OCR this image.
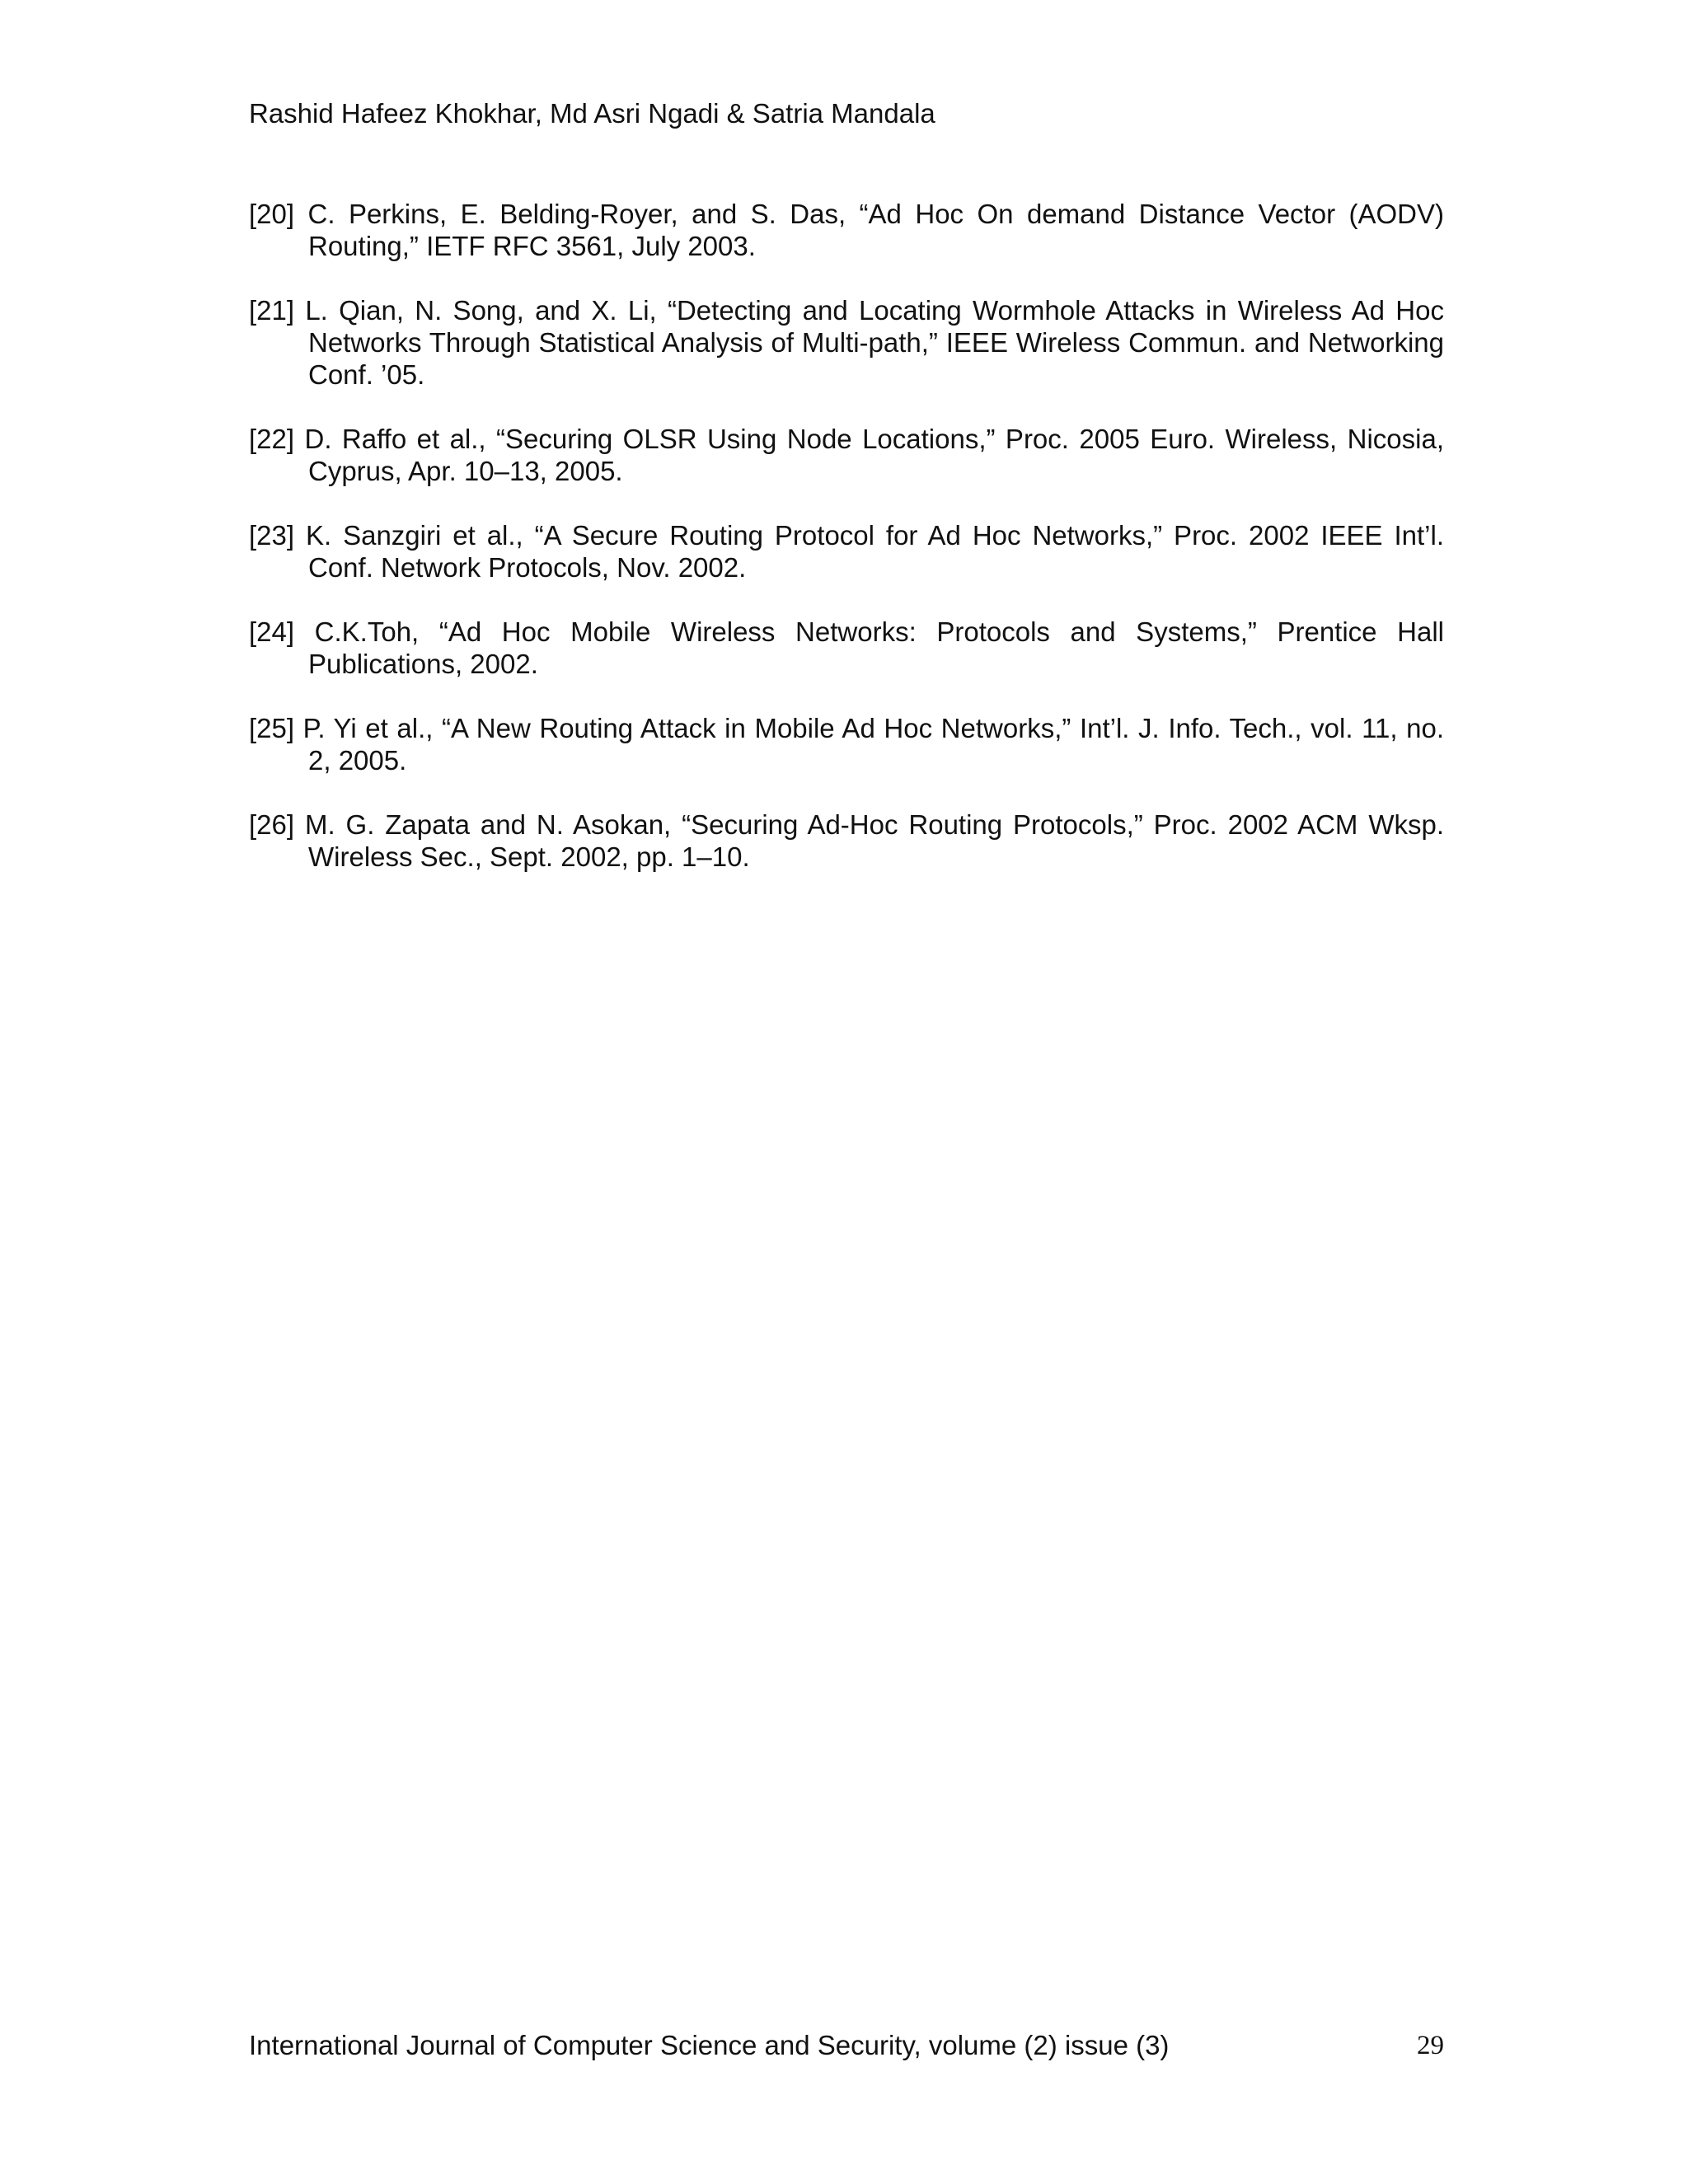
Rashid Hafeez Khokhar, Md Asri Ngadi & Satria Mandala

[20] C. Perkins, E. Belding-Royer, and S. Das, “Ad Hoc On demand Distance Vector (AODV) Routing,” IETF RFC 3561, July 2003.

[21] L. Qian, N. Song, and X. Li, “Detecting and Locating Wormhole Attacks in Wireless Ad Hoc Networks Through Statistical Analysis of Multi-path,” IEEE Wireless Commun. and Networking Conf. ’05.

[22] D. Raffo et al., “Securing OLSR Using Node Locations,” Proc. 2005 Euro. Wireless, Nicosia, Cyprus, Apr. 10–13, 2005.

[23] K. Sanzgiri et al., “A Secure Routing Protocol for Ad Hoc Networks,” Proc. 2002 IEEE Int’l. Conf. Network Protocols, Nov. 2002.

[24] C.K.Toh, “Ad Hoc Mobile Wireless Networks: Protocols and Systems,” Prentice Hall Publications, 2002.

[25] P. Yi et al., “A New Routing Attack in Mobile Ad Hoc Networks,” Int’l. J. Info. Tech., vol. 11, no. 2, 2005.

[26] M. G. Zapata and N. Asokan, “Securing Ad-Hoc Routing Protocols,” Proc. 2002 ACM Wksp. Wireless Sec., Sept. 2002, pp. 1–10.

International Journal of Computer Science and Security, volume (2) issue (3)	29
